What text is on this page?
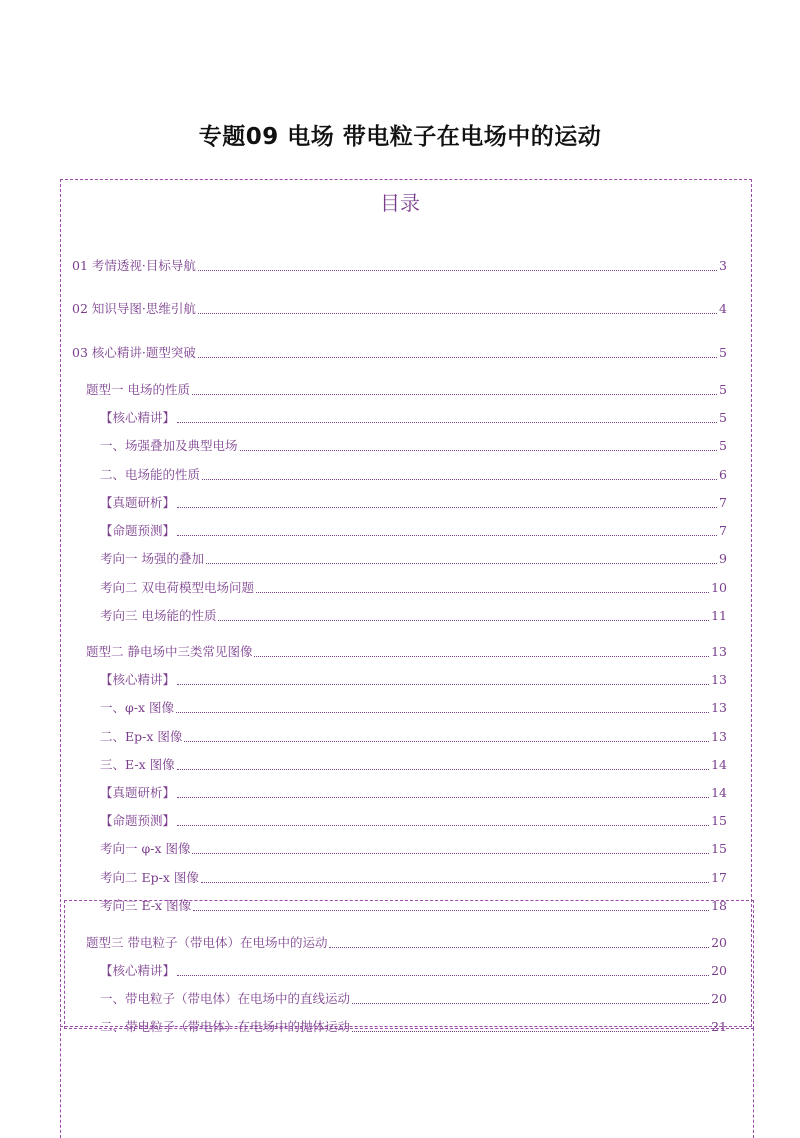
专题09 电场 带电粒子在电场中的运动
目录
01 考情透视·目标导航	3
02 知识导图·思维引航	4
03 核心精讲·题型突破	5
题型一 电场的性质	5
【核心精讲】	5
一、场强叠加及典型电场	5
二、电场能的性质	6
【真题研析】	7
【命题预测】	7
考向一 场强的叠加	9
考向二 双电荷模型电场问题	10
考向三 电场能的性质	11
题型二 静电场中三类常见图像	13
【核心精讲】	13
一、φ-x 图像	13
二、Ep-x 图像	13
三、E-x 图像	14
【真题研析】	14
【命题预测】	15
考向一 φ-x 图像	15
考向二 Ep-x 图像	17
考向三 E-x 图像	18
题型三 带电粒子（带电体）在电场中的运动	20
【核心精讲】	20
一、带电粒子（带电体）在电场中的直线运动	20
二、带电粒子（带电体）在电场中的抛体运动	21
